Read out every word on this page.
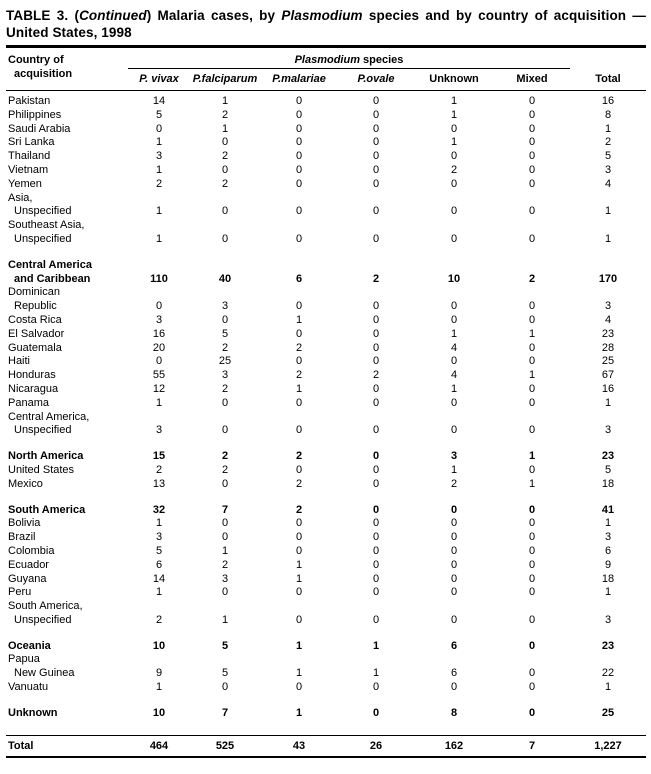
TABLE 3. (Continued) Malaria cases, by Plasmodium species and by country of acquisition — United States, 1998
Country of
acquisition
Plasmodium species
P. vivax	P.falciparum	P.malariae	P.ovale	Unknown	Mixed	Total
Pakistan	14	1	0	0	1	0	16
Philippines	5	2	0	0	1	0	8
Saudi Arabia	0	1	0	0	0	0	1
Sri Lanka	1	0	0	0	1	0	2
Thailand	3	2	0	0	0	0	5
Vietnam	1	0	0	0	2	0	3
Yemen	2	2	0	0	0	0	4
Asia,
Unspecified	1	0	0	0	0	0	1
Southeast Asia,
Unspecified	1	0	0	0	0	0	1
Central America
and Caribbean	110	40	6	2	10	2	170
Dominican
Republic	0	3	0	0	0	0	3
Costa Rica	3	0	1	0	0	0	4
El Salvador	16	5	0	0	1	1	23
Guatemala	20	2	2	0	4	0	28
Haiti	0	25	0	0	0	0	25
Honduras	55	3	2	2	4	1	67
Nicaragua	12	2	1	0	1	0	16
Panama	1	0	0	0	0	0	1
Central America,
Unspecified	3	0	0	0	0	0	3
North America	15	2	2	0	3	1	23
United States	2	2	0	0	1	0	5
Mexico	13	0	2	0	2	1	18
South America	32	7	2	0	0	0	41
Bolivia	1	0	0	0	0	0	1
Brazil	3	0	0	0	0	0	3
Colombia	5	1	0	0	0	0	6
Ecuador	6	2	1	0	0	0	9
Guyana	14	3	1	0	0	0	18
Peru	1	0	0	0	0	0	1
South America,
Unspecified	2	1	0	0	0	0	3
Oceania	10	5	1	1	6	0	23
Papua
New Guinea	9	5	1	1	6	0	22
Vanuatu	1	0	0	0	0	0	1
Unknown	10	7	1	0	8	0	25
Total	464	525	43	26	162	7	1,227
